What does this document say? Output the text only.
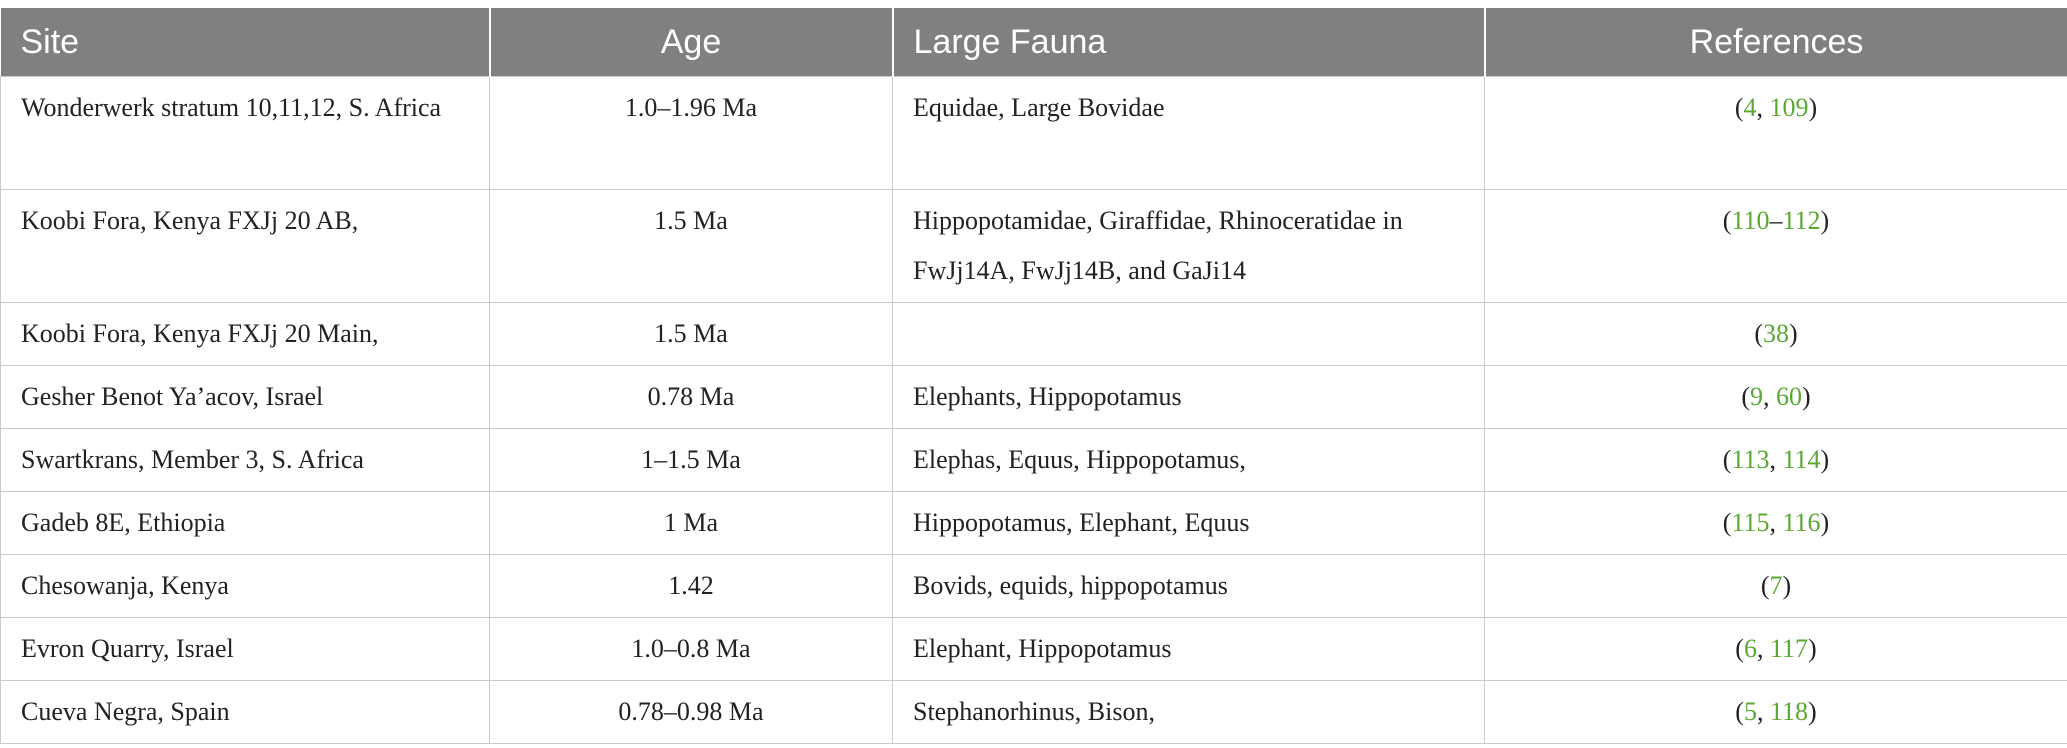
Site	Age	Large Fauna	References
Wonderwerk stratum 10,11,12, S. Africa	1.0–1.96 Ma	Equidae, Large Bovidae	(4, 109)
Koobi Fora, Kenya FXJj 20 AB,	1.5 Ma	Hippopotamidae, Giraffidae, Rhinoceratidae in FwJj14A, FwJj14B, and GaJi14	(110–112)
Koobi Fora, Kenya FXJj 20 Main,	1.5 Ma		(38)
Gesher Benot Ya’acov, Israel	0.78 Ma	Elephants, Hippopotamus	(9, 60)
Swartkrans, Member 3, S. Africa	1–1.5 Ma	Elephas, Equus, Hippopotamus,	(113, 114)
Gadeb 8E, Ethiopia	1 Ma	Hippopotamus, Elephant, Equus	(115, 116)
Chesowanja, Kenya	1.42	Bovids, equids, hippopotamus	(7)
Evron Quarry, Israel	1.0–0.8 Ma	Elephant, Hippopotamus	(6, 117)
Cueva Negra, Spain	0.78–0.98 Ma	Stephanorhinus, Bison,	(5, 118)
